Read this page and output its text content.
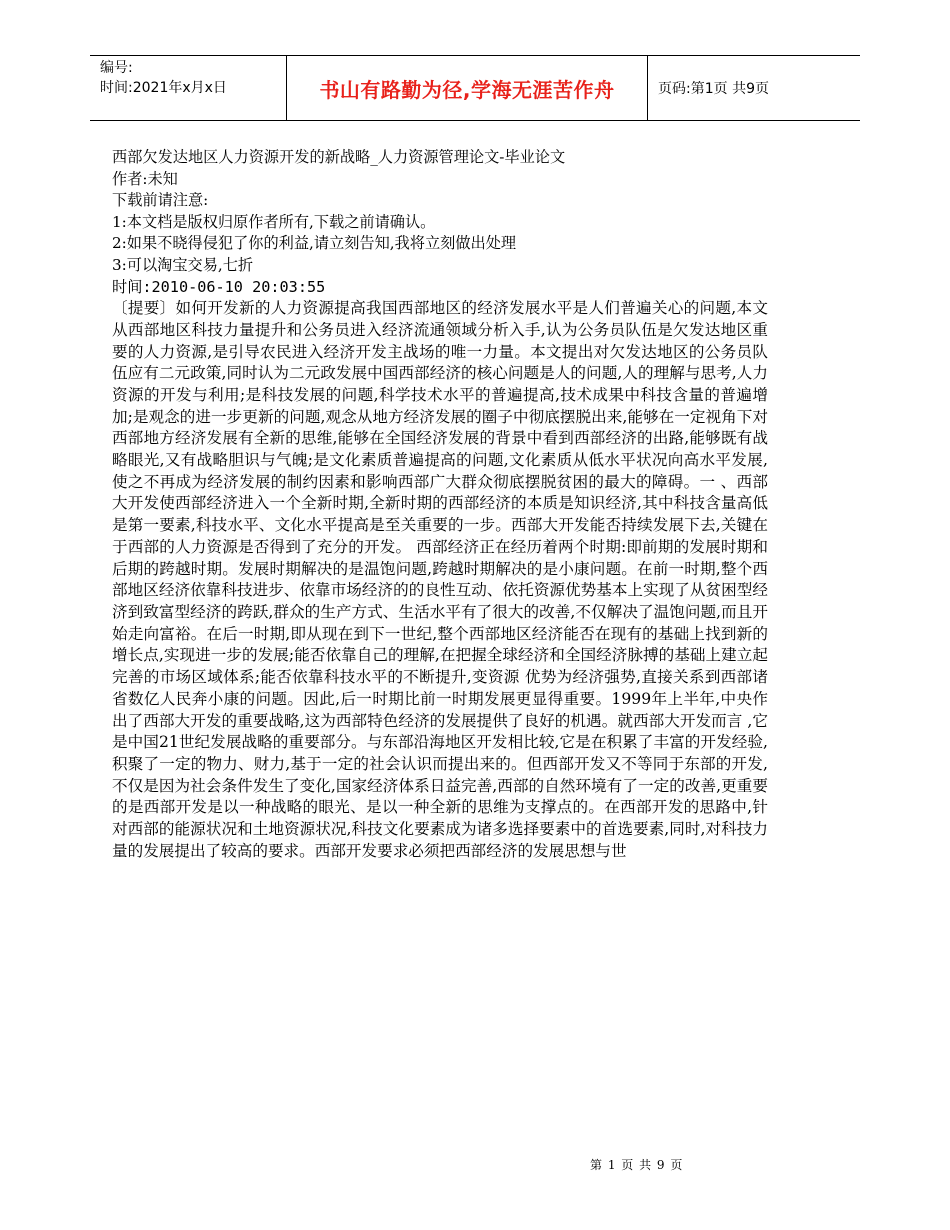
编号:
时间:2021年x月x日	书山有路勤为径,学海无涯苦作舟	页码:第1页 共9页
西部欠发达地区人力资源开发的新战略_人力资源管理论文-毕业论文
作者:未知
下载前请注意:
1:本文档是版权归原作者所有,下载之前请确认。
2:如果不晓得侵犯了你的利益,请立刻告知,我将立刻做出处理
3:可以淘宝交易,七折
时间:2010-06-10 20:03:55
〔提要〕如何开发新的人力资源提高我国西部地区的经济发展水平是人们普遍关心的问题,本文从西部地区科技力量提升和公务员进入经济流通领域分析入手,认为公务员队伍是欠发达地区重要的人力资源,是引导农民进入经济开发主战场的唯一力量。本文提出对欠发达地区的公务员队伍应有二元政策,同时认为二元政发展中国西部经济的核心问题是人的问题,人的理解与思考,人力资源的开发与利用;是科技发展的问题,科学技术水平的普遍提高,技术成果中科技含量的普遍增加;是观念的进一步更新的问题,观念从地方经济发展的圈子中彻底摆脱出来,能够在一定视角下对西部地方经济发展有全新的思维,能够在全国经济发展的背景中看到西部经济的出路,能够既有战略眼光,又有战略胆识与气魄;是文化素质普遍提高的问题,文化素质从低水平状况向高水平发展,使之不再成为经济发展的制约因素和影响西部广大群众彻底摆脱贫困的最大的障碍。一 、西部大开发使西部经济进入一个全新时期,全新时期的西部经济的本质是知识经济,其中科技含量高低是第一要素,科技水平、文化水平提高是至关重要的一步。西部大开发能否持续发展下去,关键在于西部的人力资源是否得到了充分的开发。 西部经济正在经历着两个时期:即前期的发展时期和后期的跨越时期。发展时期解决的是温饱问题,跨越时期解决的是小康问题。在前一时期,整个西部地区经济依靠科技进步、依靠市场经济的的良性互动、依托资源优势基本上实现了从贫困型经济到致富型经济的跨跃,群众的生产方式、生活水平有了很大的改善,不仅解决了温饱问题,而且开始走向富裕。在后一时期,即从现在到下一世纪,整个西部地区经济能否在现有的基础上找到新的增长点,实现进一步的发展;能否依靠自己的理解,在把握全球经济和全国经济脉搏的基础上建立起完善的市场区域体系;能否依靠科技水平的不断提升,变资源 优势为经济强势,直接关系到西部诸省数亿人民奔小康的问题。因此,后一时期比前一时期发展更显得重要。1999年上半年,中央作出了西部大开发的重要战略,这为西部特色经济的发展提供了良好的机遇。就西部大开发而言 ,它是中国21世纪发展战略的重要部分。与东部沿海地区开发相比较,它是在积累了丰富的开发经验,积聚了一定的物力、财力,基于一定的社会认识而提出来的。但西部开发又不等同于东部的开发,不仅是因为社会条件发生了变化,国家经济体系日益完善,西部的自然环境有了一定的改善,更重要的是西部开发是以一种战略的眼光、是以一种全新的思维为支撑点的。在西部开发的思路中,针对西部的能源状况和土地资源状况,科技文化要素成为诸多选择要素中的首选要素,同时,对科技力量的发展提出了较高的要求。西部开发要求必须把西部经济的发展思想与世
第 1 页 共 9 页
